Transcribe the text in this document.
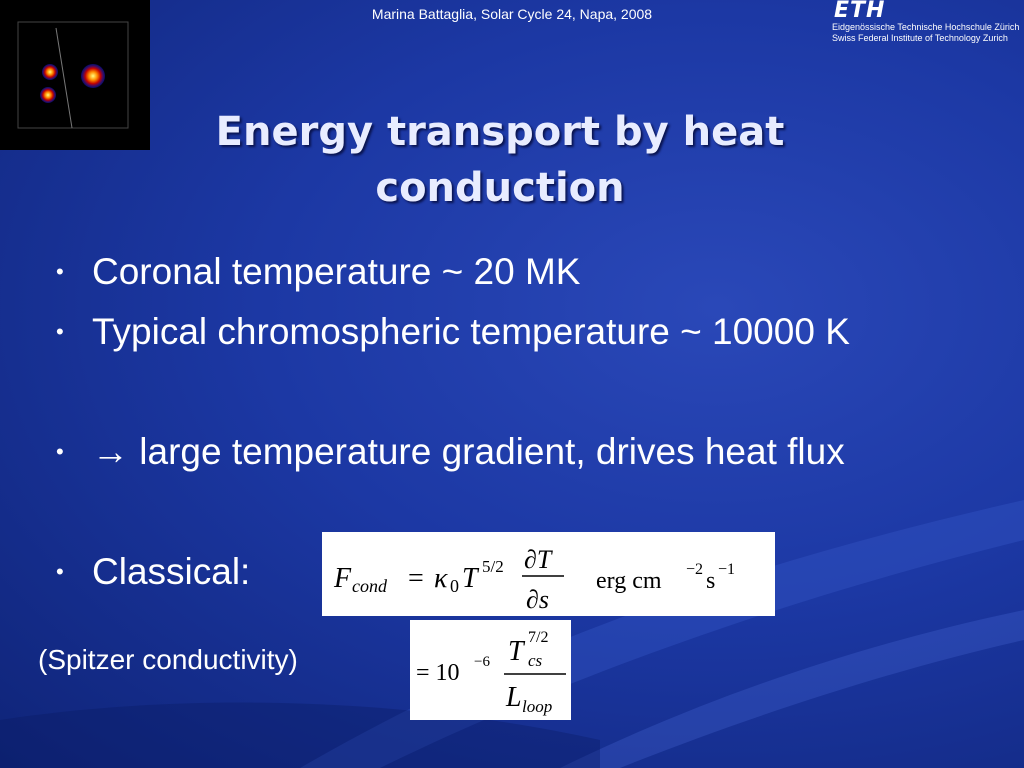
Marina Battaglia, Solar Cycle 24, Napa, 2008	ETH
Eidgenössische Technische Hochschule Zürich
Swiss Federal Institute of Technology Zurich
Energy transport by heat
conduction
• Coronal temperature ~ 20 MK
• Typical chromospheric temperature ~ 10000 K
• → large temperature gradient, drives heat flux
• Classical:	F cond = κ 0 T 5/2 ∂T
∂s
erg cm −2 s −1
= 10 −6 T 7/2
cs
L loop
(Spitzer conductivity)
